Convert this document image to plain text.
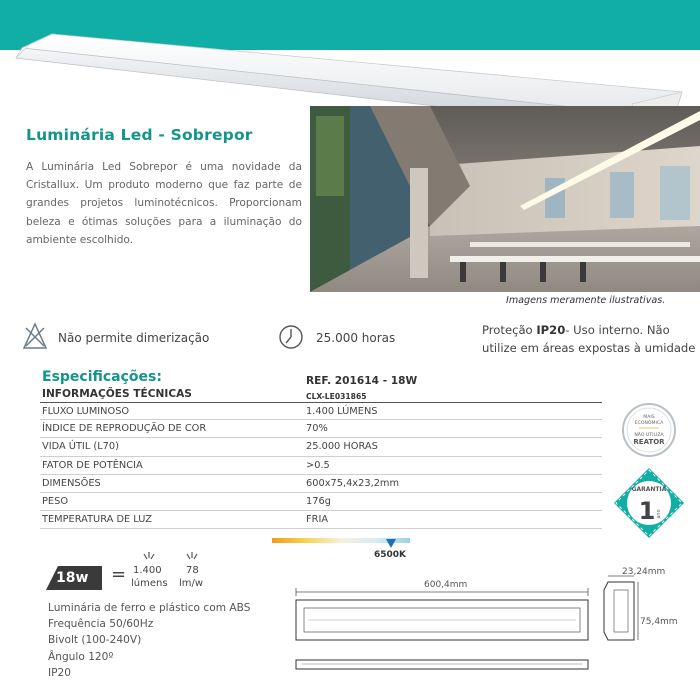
Luminária Led - Sobrepor
A Luminária Led Sobrepor é uma novidade da Cristallux. Um produto moderno que faz parte de grandes projetos luminotécnicos. Proporcionam beleza e ótimas soluções para a iluminação do ambiente escolhido.
Imagens meramente ilustrativas.
Não permite dimerização	25.000 horas
Proteção IP20- Uso interno. Não utilize em áreas expostas à umidade
Especificações:
INFORMAÇÕES TÉCNICAS
REF. 201614 - 18W
CLX-LE031865
FLUXO LUMINOSO	1.400 LÚMENS
ÍNDICE DE REPRODUÇÃO DE COR	70%
VIDA ÚTIL (L70)	25.000 HORAS
FATOR DE POTÊNCIA	>0.5
DIMENSÕES	600x75,4x23,2mm
PESO	176g
TEMPERATURA DE LUZ	FRIA
6500K
MAIS
ECONÔMICA
NÃO UTILIZA
REATOR
GARANTIA
1 ano
18w = 1.400
lúmens
78
lm/w
Luminária de ferro e plástico com ABS
Frequência 50/60Hz
Bivolt (100-240V)
Ângulo 120º
IP20
600,4mm
23,24mm
75,4mm
